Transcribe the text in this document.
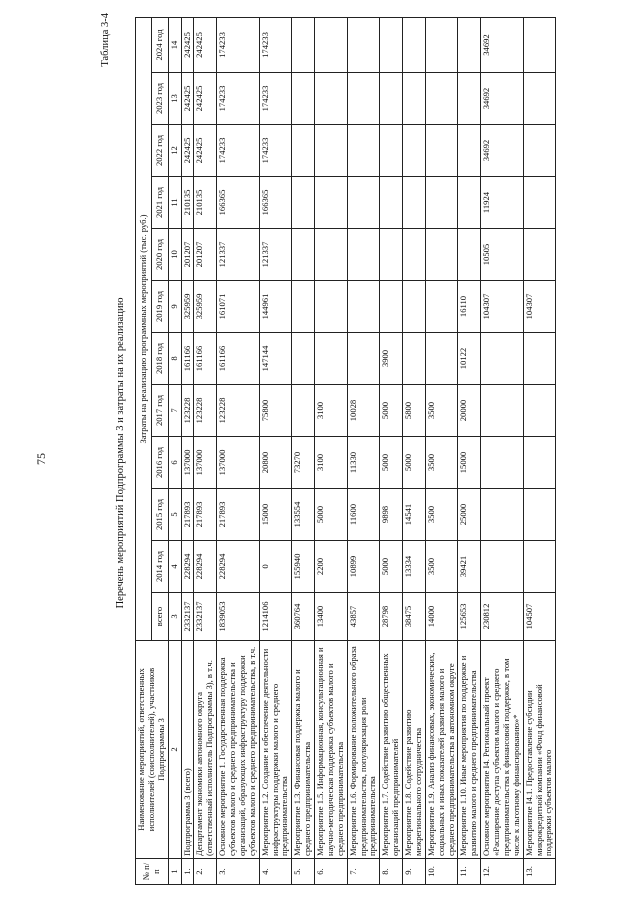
75
Таблица 3-4
Перечень мероприятий Подпрограммы 3 и затраты на их реализацию
№ п/п	Наименование мероприятий, ответственных исполнителей (соисполнителей), участников Подпрограммы 3	Затраты на реализацию программных мероприятий (тыс. руб.)											
		всего	2014 год	2015 год	2016 год	2017 год	2018 год	2019 год	2020 год	2021 год	2022 год	2023 год	2024 год
1	2	3	4	5	6	7	8	9	10	11	12	13	14
1.	Подпрограмма 3 (всего)	2332137	228294	217893	137000	123228	161166	325959	201207	210135	242425	242425	242425
2.	Департамент экономики автономного округа (ответственный исполнитель Подпрограммы 3), в т.ч.	2332137	228294	217893	137000	123228	161166	325959	201207	210135	242425	242425	242425
3.	Основное мероприятие 1. Государственная поддержка субъектов малого и среднего предпринимательства и организаций, образующих инфраструктуру поддержки субъектов малого и среднего предпринимательства, в т.ч.	1839053	228294	217893	137000	123228	161166	161071	121337	166365	174233	174233	174233
4.	Мероприятие 1.2. Создание и обеспечение деятельности инфраструктуры поддержки малого и среднего предпринимательства	1214106	0	15000	20800	75800	147144	144961	121337	166365	174233	174233	174233
5.	Мероприятие 1.3. Финансовая поддержка малого и среднего предпринимательства	360764	155940	133554	73270								
6.	Мероприятие 1.5. Информационная, консультационная и научно-методическая поддержка субъектов малого и среднего предпринимательства	13400	2200	5000	3100	3100							
7.	Мероприятие 1.6. Формирование положительного образа предпринимательства, популяризация роли предпринимательства	43857	10899	11600	11330	10028							
8.	Мероприятие 1.7. Содействие развитию общественных организаций предпринимателей	28798	5000	9898	5000	5000	3900						
9.	Мероприятие 1.8. Содействие развитию межрегионального сотрудничества	38475	13334	14541	5000	5800							
10.	Мероприятие 1.9. Анализ финансовых, экономических, социальных и иных показателей развития малого и среднего предпринимательства в автономном округе	14000	3500	3500	3500	3500							
11.	Мероприятие 1.10. Иные мероприятия по поддержке и развитию малого и среднего предпринимательства	125653	39421	25000	15000	20000	10122	16110					
12.	Основное мероприятие I4. Региональный проект «Расширение доступа субъектов малого и среднего предпринимательства к финансовой поддержке, в том числе к льготному финансированию»*	230812						104307	10505	11924	34692	34692	34692
13.	Мероприятие I4.1. Предоставление субсидии микрокредитной компании «Фонд финансовой поддержки субъектов малого	104507						104307					
